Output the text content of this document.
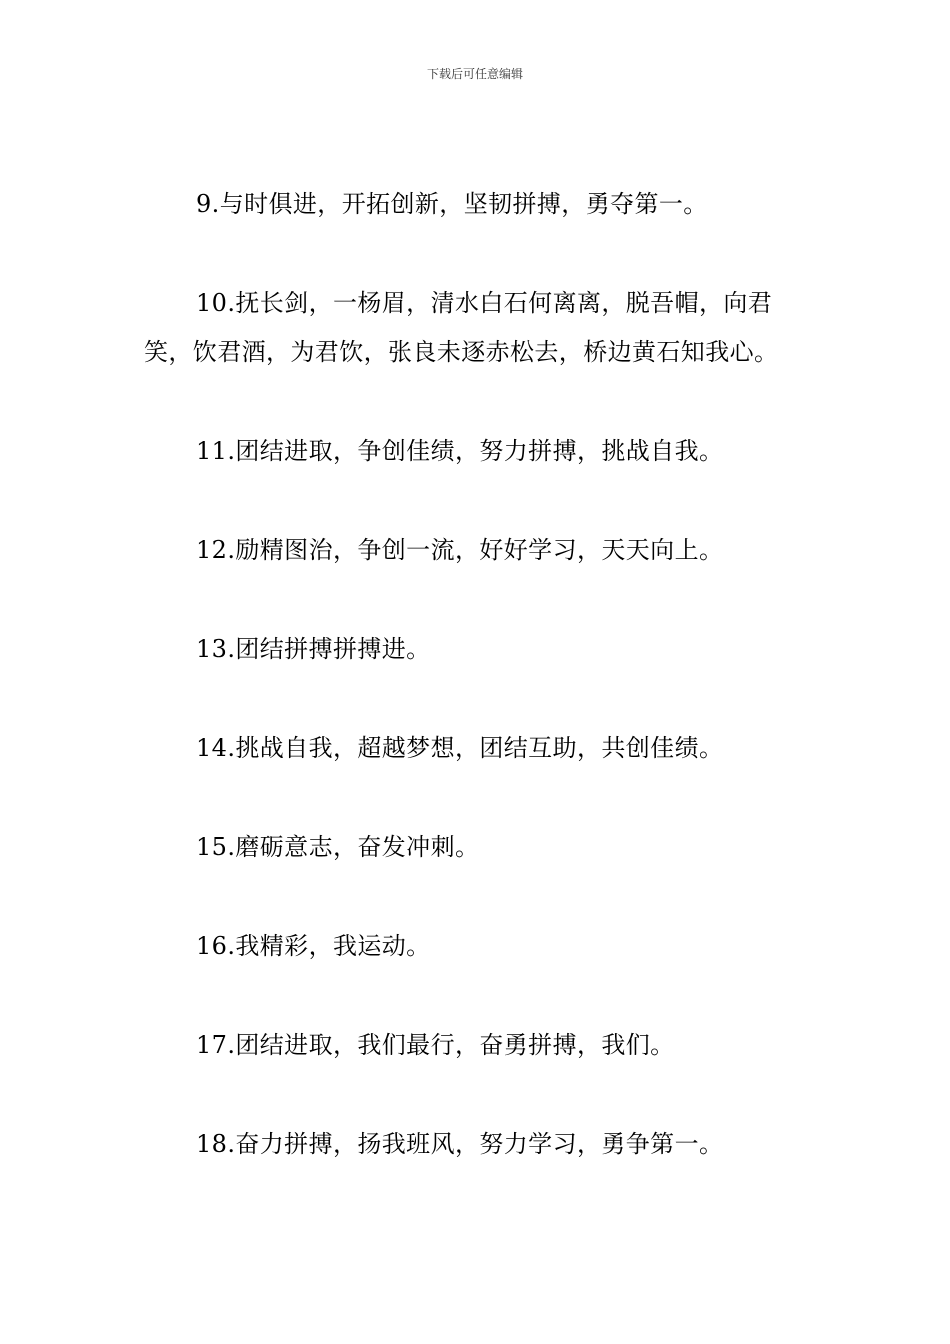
下载后可任意编辑

9.与时俱进，开拓创新，坚韧拼搏，勇夺第一。

10.抚长剑，一杨眉，清水白石何离离，脱吾帽，向君笑，饮君酒，为君饮，张良未逐赤松去，桥边黄石知我心。

11.团结进取，争创佳绩，努力拼搏，挑战自我。

12.励精图治，争创一流，好好学习，天天向上。

13.团结拼搏拼搏进。

14.挑战自我，超越梦想，团结互助，共创佳绩。

15.磨砺意志，奋发冲刺。

16.我精彩，我运动。

17.团结进取，我们最行，奋勇拼搏，我们。

18.奋力拼搏，扬我班风，努力学习，勇争第一。
